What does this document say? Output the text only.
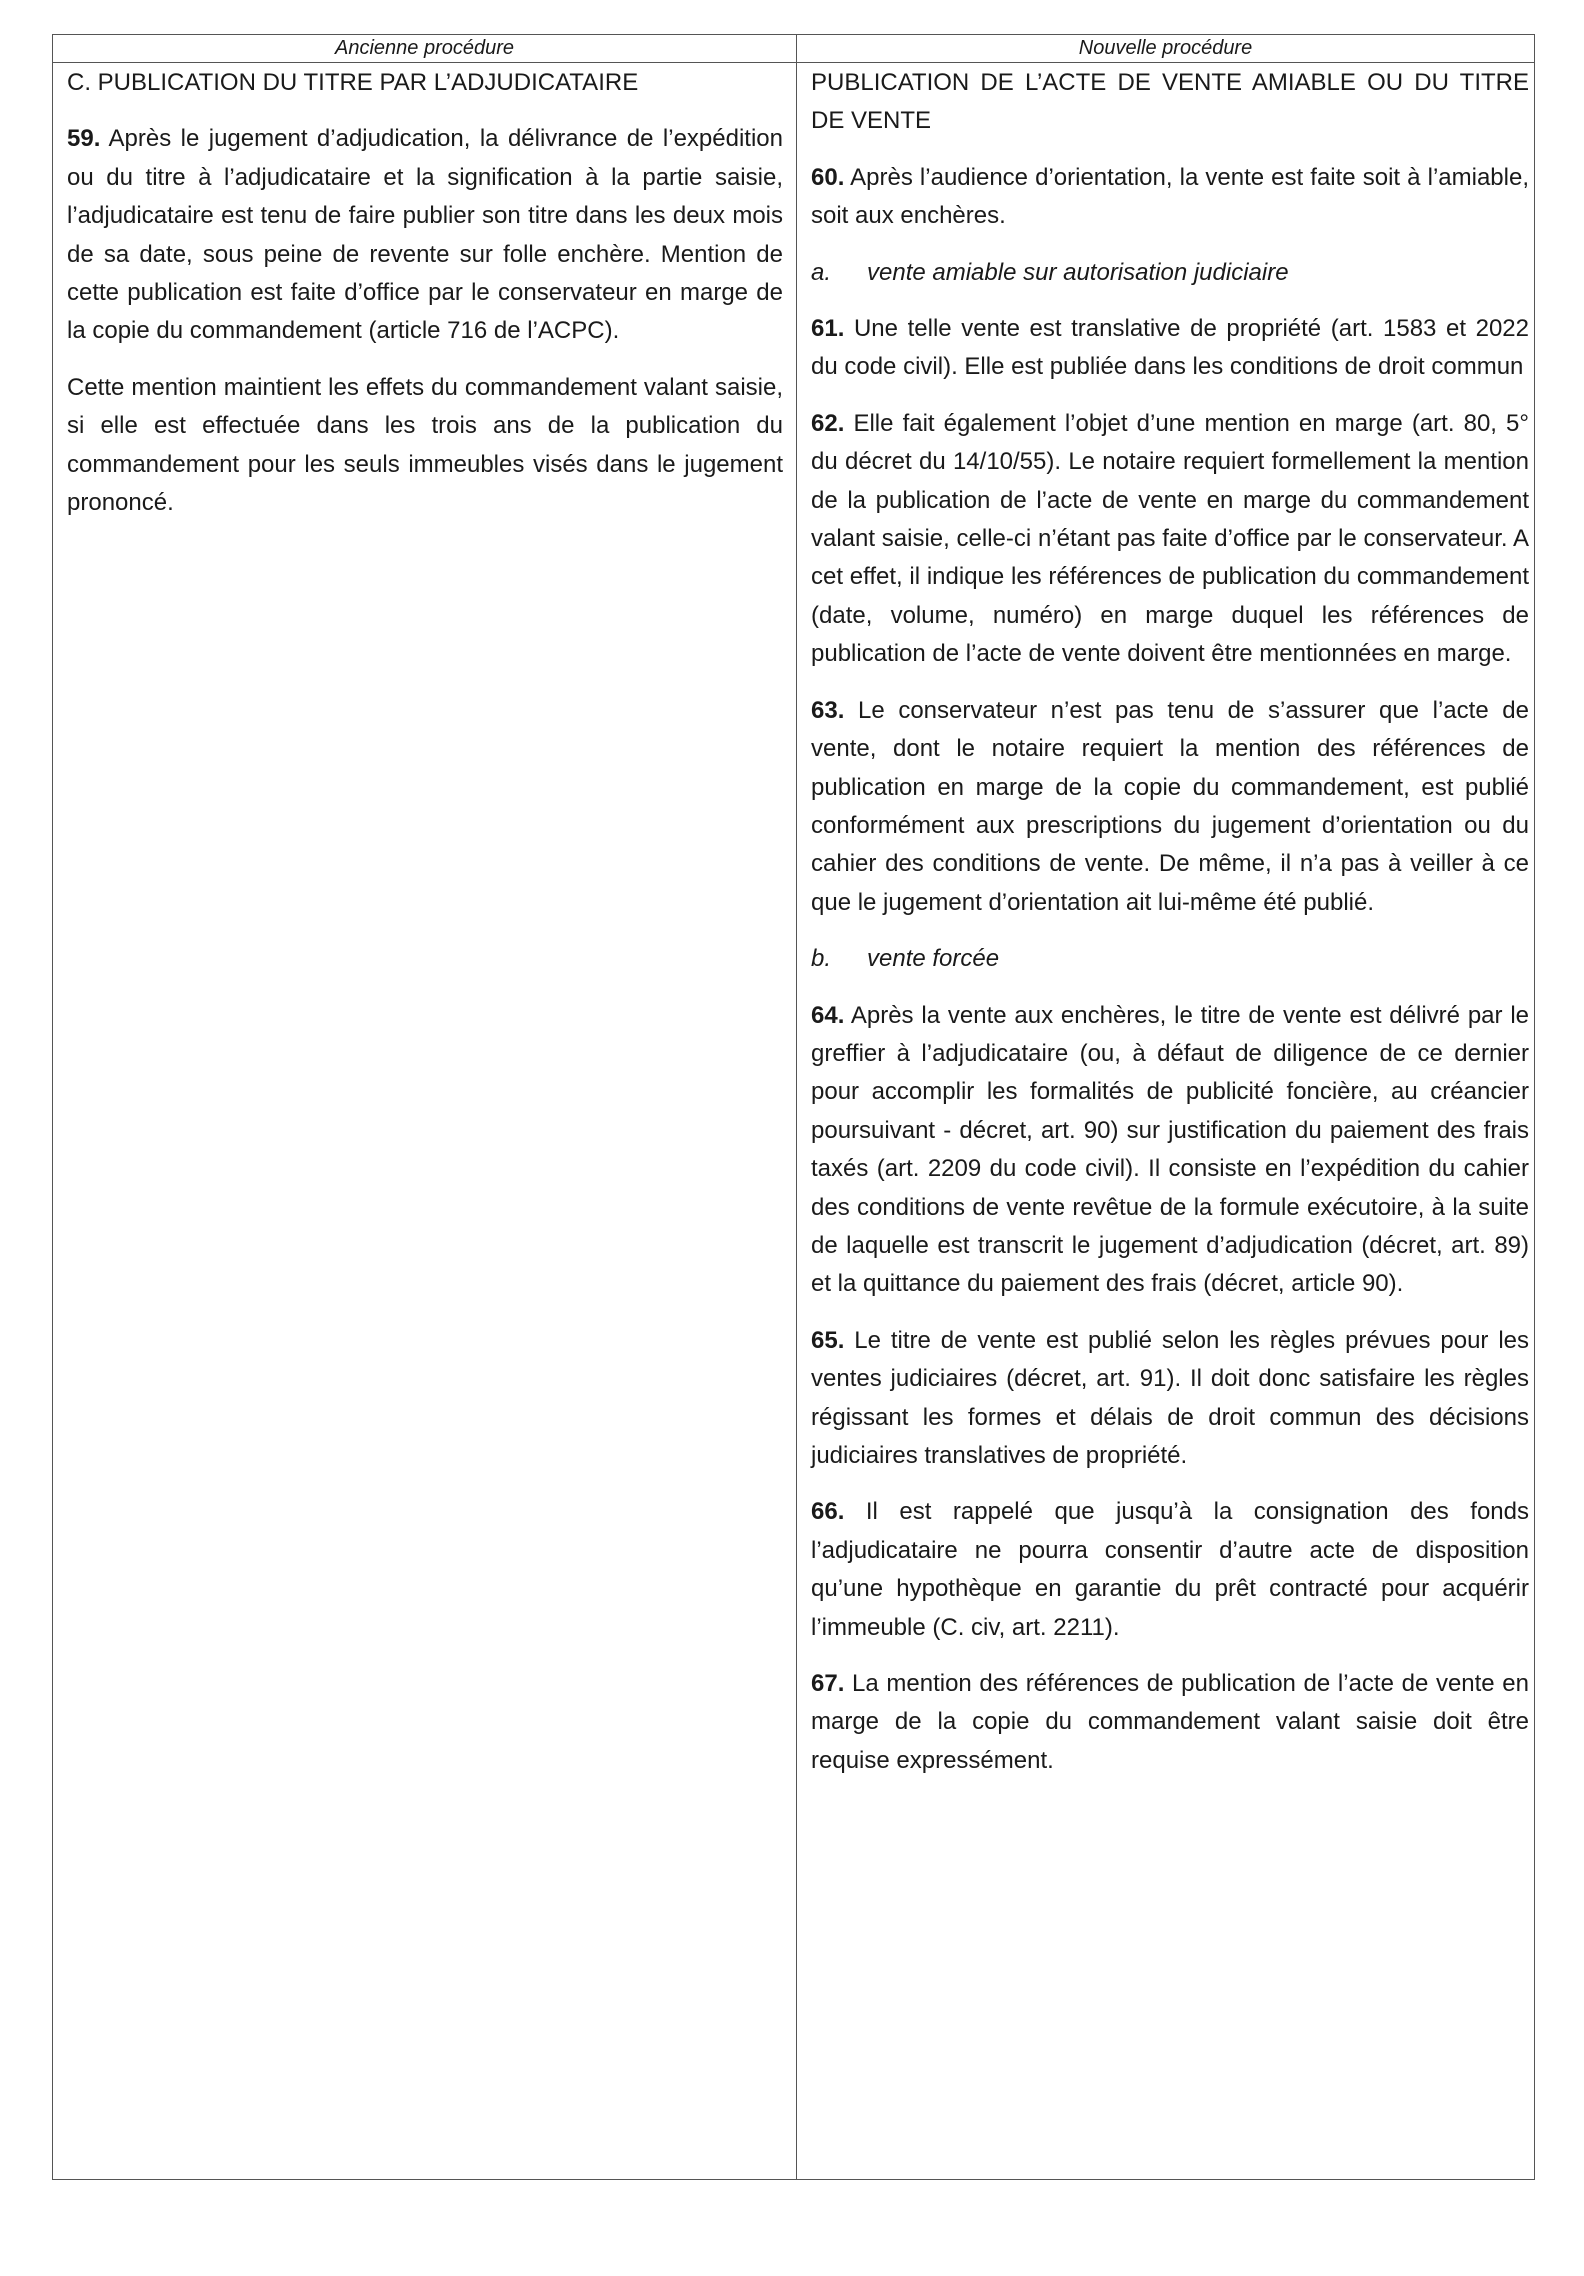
Ancienne procédure	Nouvelle procédure

C. PUBLICATION DU TITRE PAR L’ADJUDICATAIRE

59. Après le jugement d’adjudication, la délivrance de l’expédition ou du titre à l’adjudicataire et la signification à la partie saisie, l’adjudicataire est tenu de faire publier son titre dans les deux mois de sa date, sous peine de revente sur folle enchère. Mention de cette publication est faite d’office par le conservateur en marge de la copie du commandement (article 716 de l’ACPC).

Cette mention maintient les effets du commandement valant saisie, si elle est effectuée dans les trois ans de la publication du commandement pour les seuls immeubles visés dans le jugement prononcé.

PUBLICATION DE L’ACTE DE VENTE AMIABLE OU DU TITRE DE VENTE

60. Après l’audience d’orientation, la vente est faite soit à l’amiable, soit aux enchères.

a. vente amiable sur autorisation judiciaire

61. Une telle vente est translative de propriété (art. 1583 et 2022 du code civil). Elle est publiée dans les conditions de droit commun

62. Elle fait également l’objet d’une mention en marge (art. 80, 5° du décret du 14/10/55). Le notaire requiert formellement la mention de la publication de l’acte de vente en marge du commandement valant saisie, celle-ci n’étant pas faite d’office par le conservateur. A cet effet, il indique les références de publication du commandement (date, volume, numéro) en marge duquel les références de publication de l’acte de vente doivent être mentionnées en marge.

63. Le conservateur n’est pas tenu de s’assurer que l’acte de vente, dont le notaire requiert la mention des références de publication en marge de la copie du commandement, est publié conformément aux prescriptions du jugement d’orientation ou du cahier des conditions de vente. De même, il n’a pas à veiller à ce que le jugement d’orientation ait lui-même été publié.

b. vente forcée

64. Après la vente aux enchères, le titre de vente est délivré par le greffier à l’adjudicataire (ou, à défaut de diligence de ce dernier pour accomplir les formalités de publicité foncière, au créancier poursuivant - décret, art. 90) sur justification du paiement des frais taxés (art. 2209 du code civil). Il consiste en l’expédition du cahier des conditions de vente revêtue de la formule exécutoire, à la suite de laquelle est transcrit le jugement d’adjudication (décret, art. 89) et la quittance du paiement des frais (décret, article 90).

65. Le titre de vente est publié selon les règles prévues pour les ventes judiciaires (décret, art. 91). Il doit donc satisfaire les règles régissant les formes et délais de droit commun des décisions judiciaires translatives de propriété.

66. Il est rappelé que jusqu’à la consignation des fonds l’adjudicataire ne pourra consentir d’autre acte de disposition qu’une hypothèque en garantie du prêt contracté pour acquérir l’immeuble (C. civ, art. 2211).

67. La mention des références de publication de l’acte de vente en marge de la copie du commandement valant saisie doit être requise expressément.
